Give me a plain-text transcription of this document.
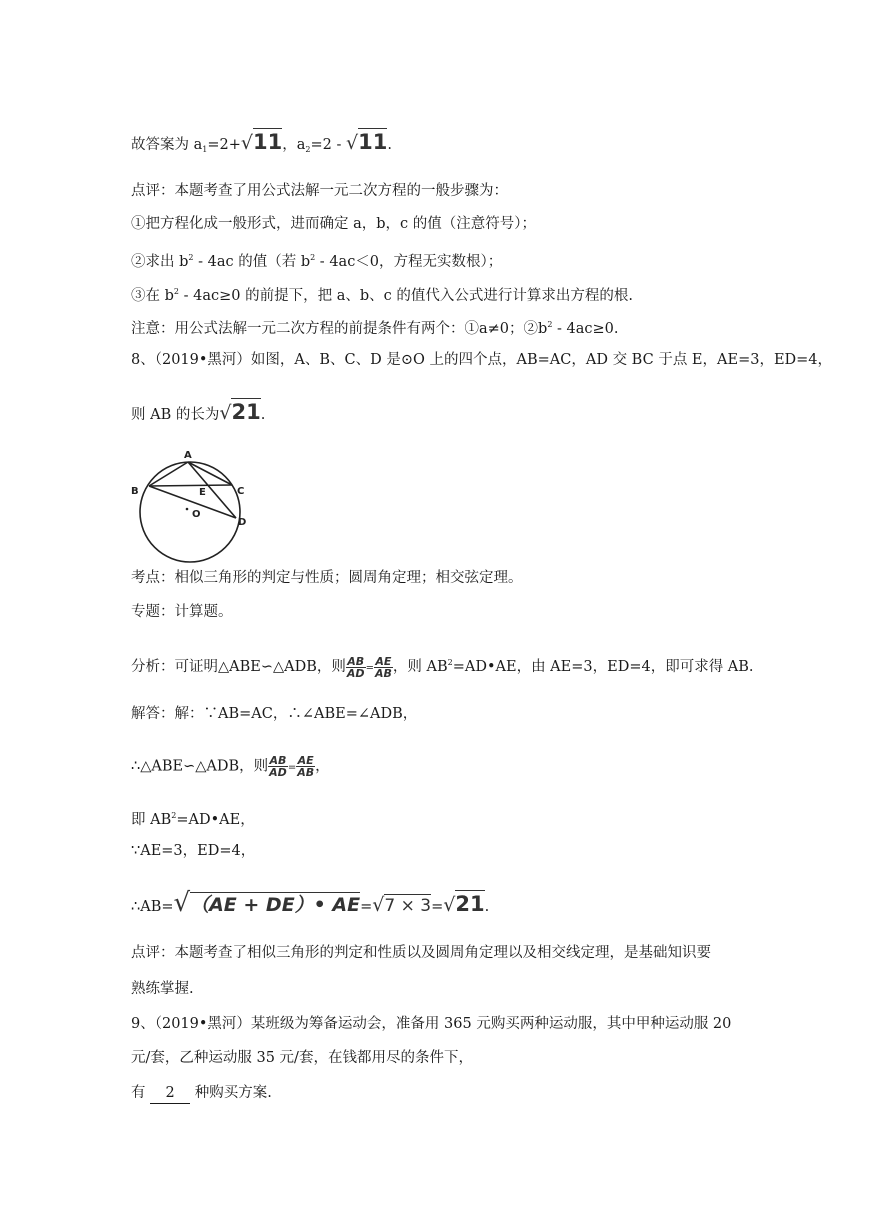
故答案为 $a_1=2+√11$，$a_2=2 - √11$.
点评：本题考查了用公式法解一元二次方程的一般步骤为：
①把方程化成一般形式，进而确定 a，b，c 的值（注意符号）；
②求出 $b^2 - 4ac$ 的值（若 $b^2 - 4ac<0$，方程无实数根）；
③在 $b^2 - 4ac\ge 0$ 的前提下，把 a、b、c 的值代入公式进行计算求出方程的根.
注意：用公式法解一元二次方程的前提条件有两个：①a≠0；$②b^2 - 4ac\ge 0$.
8、（2019•黑河）如图，A、B、C、D 是⊙O 上的四个点，AB=AC，AD 交 BC 于点 E，AE=3，ED=4，
则 AB 的长为√21.
A
B	C
D
E
O
考点：相似三角形的判定与性质；圆周角定理；相交弦定理。
专题：计算题。
分析：可证明△ABE∽△ADB，则 $\frac{AB}{AD} = \frac{AE}{AB}$ ，则 $AB^2=AD•AE$，由 AE=3，ED=4，即可求得 AB.
解答：解：∵AB=AC，∴∠ABE=∠ADB，
∴△ABE∽△ADB，则 $\frac{AB}{AD} = \frac{AE}{AB}$ ，
即 $AB^2=AD•AE$，
∵AE=3，ED=4，
∴AB=√（AE + DE）• AE=√7 × 3=√21.
点评：本题考查了相似三角形的判定和性质以及圆周角定理以及相交线定理，是基础知识要
熟练掌握.
9、（2019•黑河）某班级为筹备运动会，准备用 365 元购买两种运动服，其中甲种运动服 20
元/套，乙种运动服 35 元/套，在钱都用尽的条件下，
有 2 种购买方案.
